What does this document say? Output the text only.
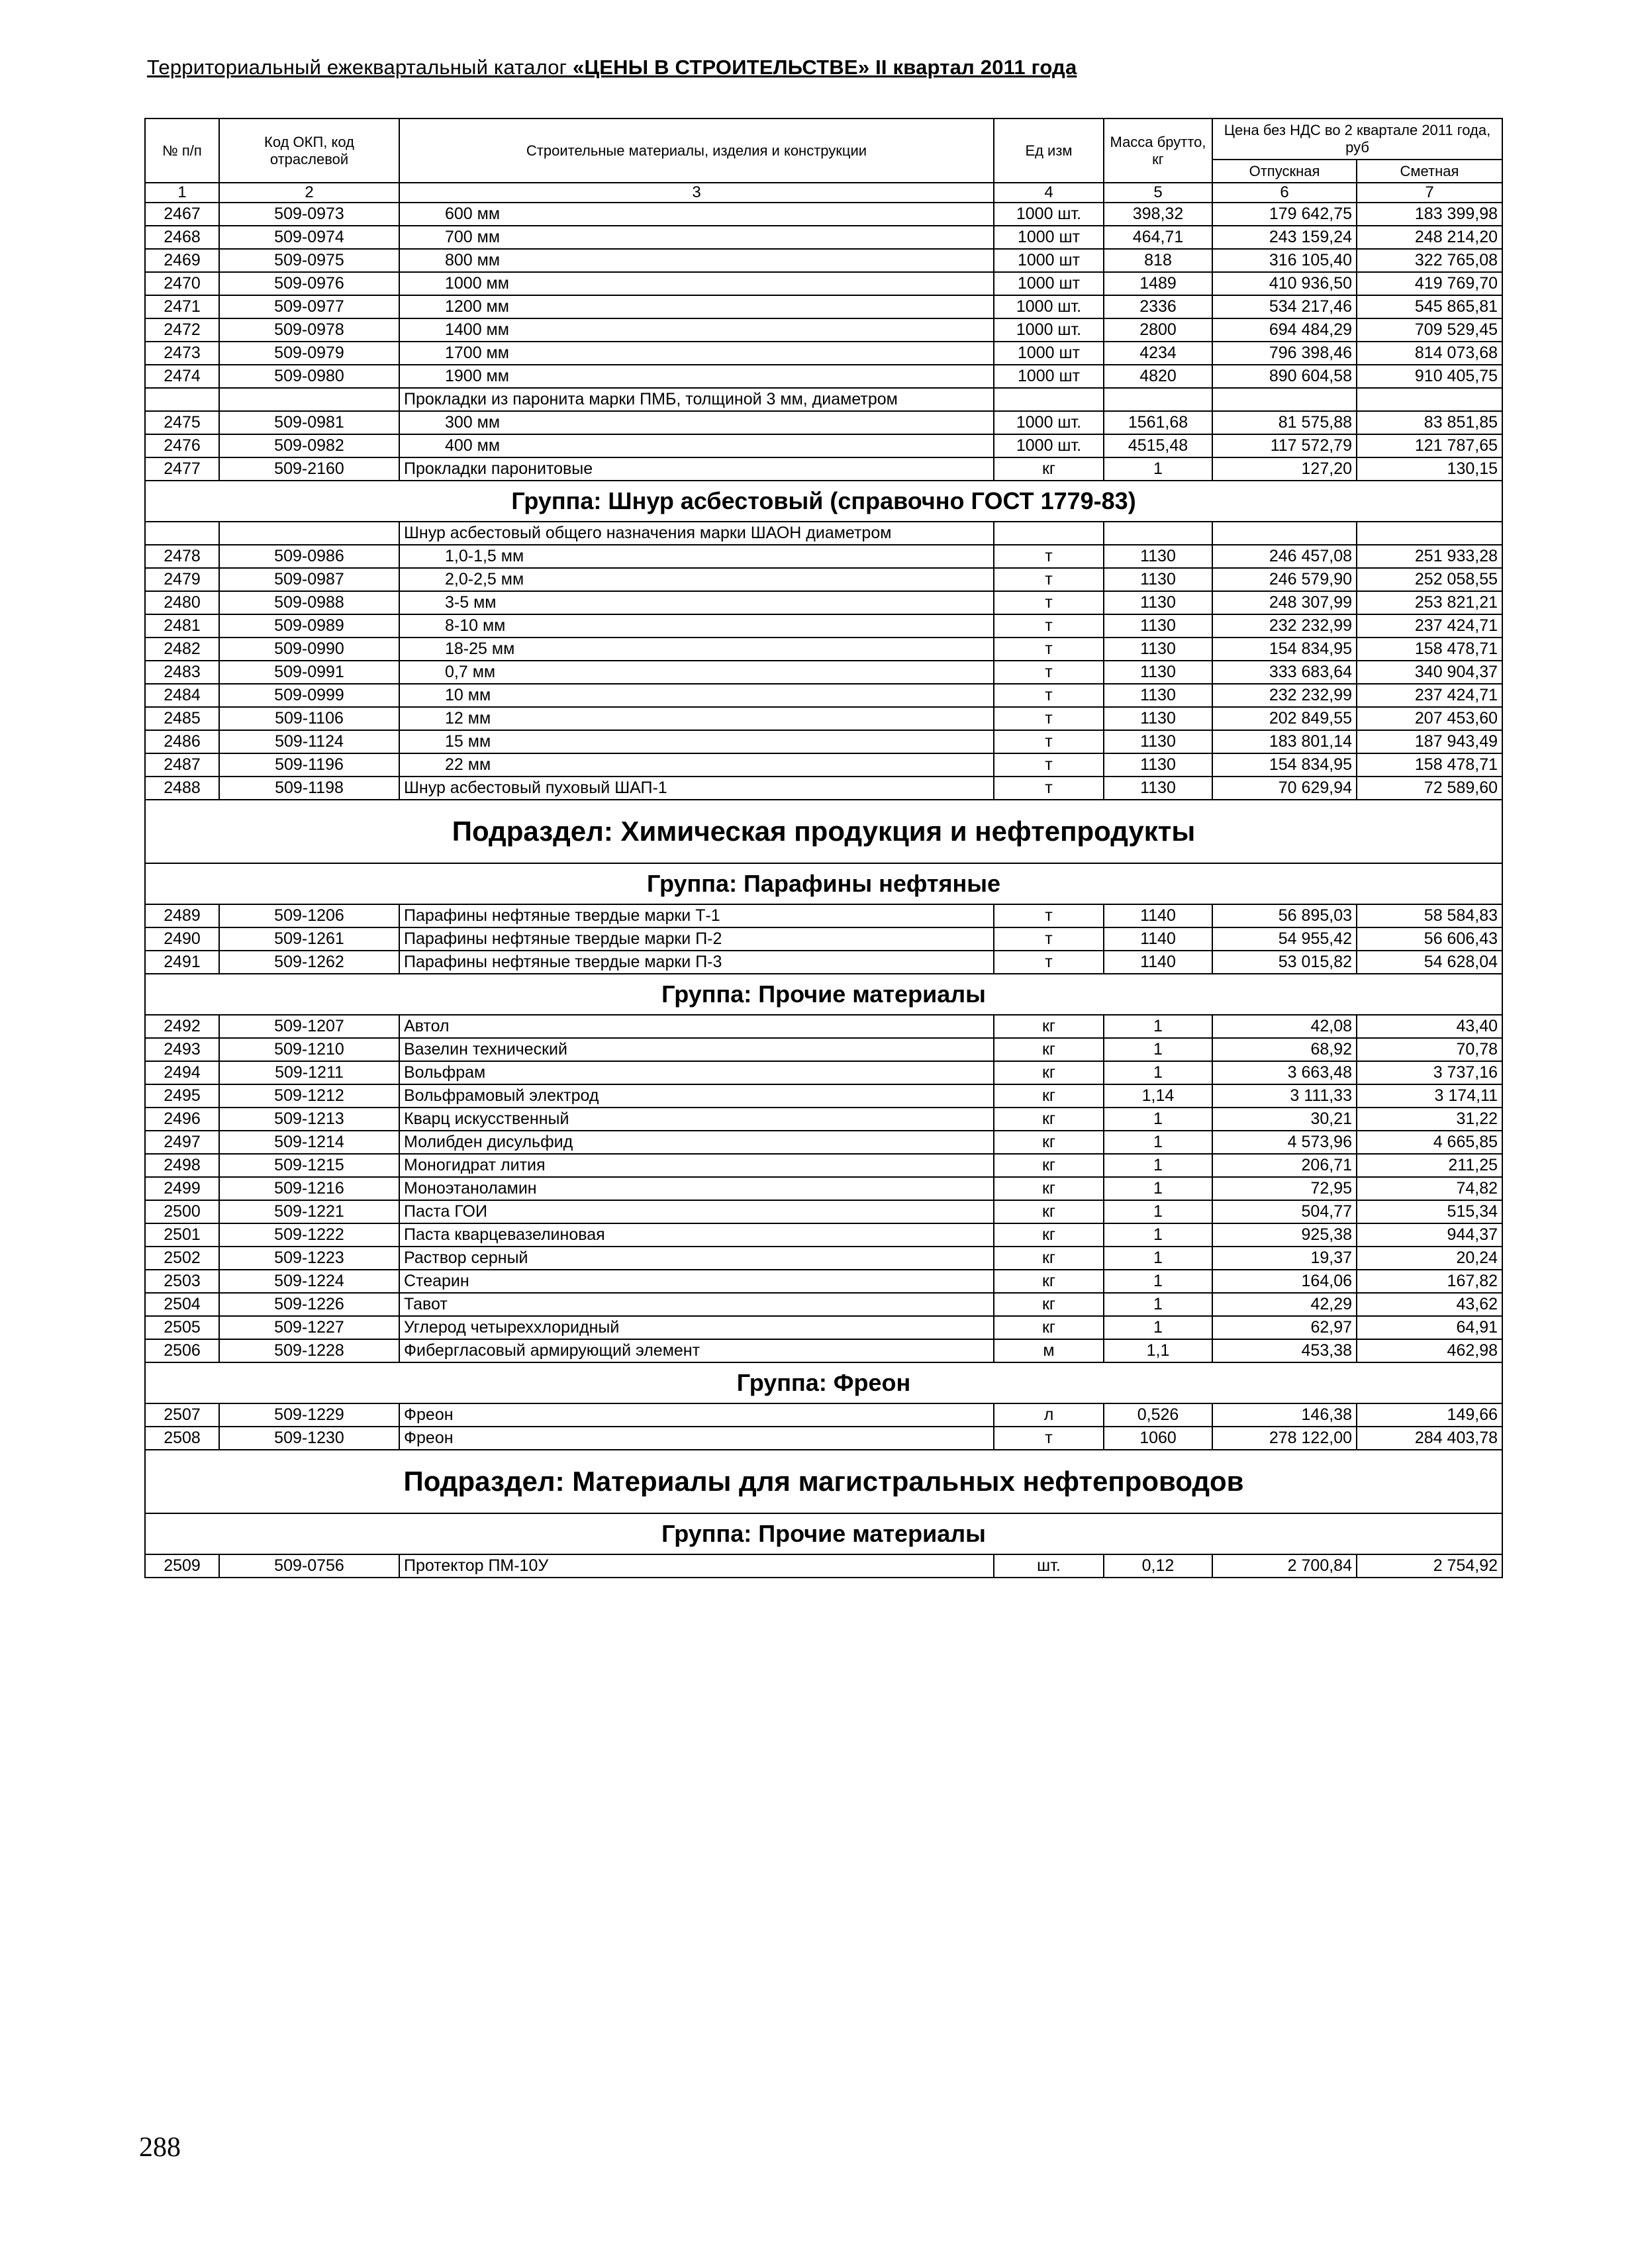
Территориальный ежеквартальный каталог «ЦЕНЫ В СТРОИТЕЛЬСТВЕ» II квартал 2011 года
№ п/п	Код ОКП, код отраслевой	Строительные материалы, изделия и конструкции	Ед изм	Масса брутто, кг	Цена без НДС во 2 квартале 2011 года, руб	
					Отпускная	Сметная
1	2	3	4	5	6	7
2467	509-0973	600 мм	1000 шт.	398,32	179 642,75	183 399,98
2468	509-0974	700 мм	1000 шт	464,71	243 159,24	248 214,20
2469	509-0975	800 мм	1000 шт	818	316 105,40	322 765,08
2470	509-0976	1000 мм	1000 шт	1489	410 936,50	419 769,70
2471	509-0977	1200 мм	1000 шт.	2336	534 217,46	545 865,81
2472	509-0978	1400 мм	1000 шт.	2800	694 484,29	709 529,45
2473	509-0979	1700 мм	1000 шт	4234	796 398,46	814 073,68
2474	509-0980	1900 мм	1000 шт	4820	890 604,58	910 405,75
		Прокладки из паронита марки ПМБ, толщиной 3 мм, диаметром				
2475	509-0981	300 мм	1000 шт.	1561,68	81 575,88	83 851,85
2476	509-0982	400 мм	1000 шт.	4515,48	117 572,79	121 787,65
2477	509-2160	Прокладки паронитовые	кг	1	127,20	130,15
Группа: Шнур асбестовый (справочно ГОСТ 1779-83)						
		Шнур асбестовый общего назначения марки ШАОН диаметром				
2478	509-0986	1,0-1,5 мм	т	1130	246 457,08	251 933,28
2479	509-0987	2,0-2,5 мм	т	1130	246 579,90	252 058,55
2480	509-0988	3-5 мм	т	1130	248 307,99	253 821,21
2481	509-0989	8-10 мм	т	1130	232 232,99	237 424,71
2482	509-0990	18-25 мм	т	1130	154 834,95	158 478,71
2483	509-0991	0,7 мм	т	1130	333 683,64	340 904,37
2484	509-0999	10 мм	т	1130	232 232,99	237 424,71
2485	509-1106	12 мм	т	1130	202 849,55	207 453,60
2486	509-1124	15 мм	т	1130	183 801,14	187 943,49
2487	509-1196	22 мм	т	1130	154 834,95	158 478,71
2488	509-1198	Шнур асбестовый пуховый ШАП-1	т	1130	70 629,94	72 589,60
Подраздел: Химическая продукция и нефтепродукты						
Группа: Парафины нефтяные						
2489	509-1206	Парафины нефтяные твердые марки Т-1	т	1140	56 895,03	58 584,83
2490	509-1261	Парафины нефтяные твердые марки П-2	т	1140	54 955,42	56 606,43
2491	509-1262	Парафины нефтяные твердые марки П-3	т	1140	53 015,82	54 628,04
Группа: Прочие материалы						
2492	509-1207	Автол	кг	1	42,08	43,40
2493	509-1210	Вазелин технический	кг	1	68,92	70,78
2494	509-1211	Вольфрам	кг	1	3 663,48	3 737,16
2495	509-1212	Вольфрамовый электрод	кг	1,14	3 111,33	3 174,11
2496	509-1213	Кварц искусственный	кг	1	30,21	31,22
2497	509-1214	Молибден дисульфид	кг	1	4 573,96	4 665,85
2498	509-1215	Моногидрат лития	кг	1	206,71	211,25
2499	509-1216	Моноэтаноламин	кг	1	72,95	74,82
2500	509-1221	Паста ГОИ	кг	1	504,77	515,34
2501	509-1222	Паста кварцевазелиновая	кг	1	925,38	944,37
2502	509-1223	Раствор серный	кг	1	19,37	20,24
2503	509-1224	Стеарин	кг	1	164,06	167,82
2504	509-1226	Тавот	кг	1	42,29	43,62
2505	509-1227	Углерод четыреххлоридный	кг	1	62,97	64,91
2506	509-1228	Фибергласовый армирующий элемент	м	1,1	453,38	462,98
Группа: Фреон						
2507	509-1229	Фреон	л	0,526	146,38	149,66
2508	509-1230	Фреон	т	1060	278 122,00	284 403,78
Подраздел: Материалы для магистральных нефтепроводов						
Группа: Прочие материалы						
2509	509-0756	Протектор ПМ-10У	шт.	0,12	2 700,84	2 754,92
288
